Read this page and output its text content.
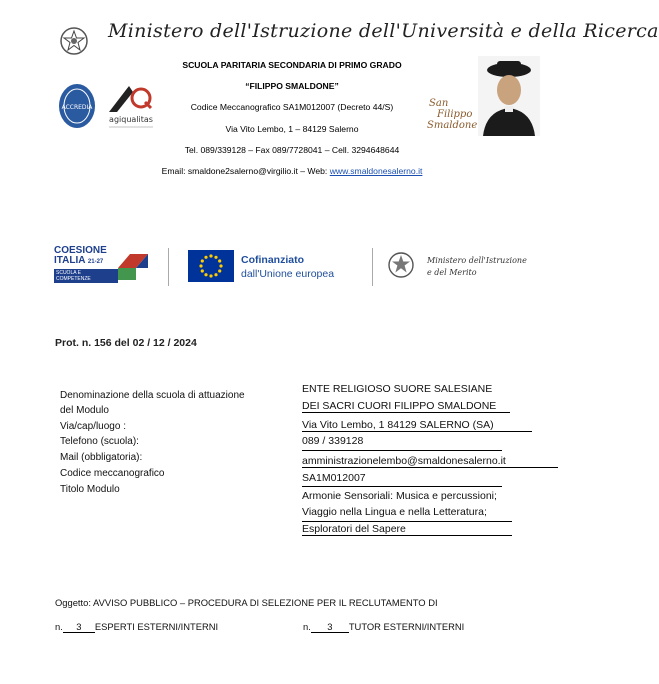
Ministero dell'Istruzione dell'Università e della Ricerca
ACCREDIA
agiqualitas
SCUOLA PARITARIA SECONDARIA DI PRIMO GRADO
“FILIPPO SMALDONE”
Codice Meccanografico SA1M012007 (Decreto 44/S)
Via Vito Lembo, 1 – 84129 Salerno
Tel. 089/339128 – Fax 089/7728041 – Cell. 3294648644
Email: smaldone2salerno@virgilio.it – Web: www.smaldonesalerno.it
San
Filippo
Smaldone
COESIONE
ITALIA 21-27
SCUOLA E
COMPETENZE
Cofinanziato
dall'Unione europea
Ministero dell'Istruzione
e del Merito
Prot. n. 156 del 02 / 12 / 2024
Denominazione della scuola di attuazione
del Modulo
Via/cap/luogo :
Telefono (scuola):
Mail (obbligatoria):
Codice meccanografico
Titolo Modulo
ENTE RELIGIOSO SUORE SALESIANE
DEI SACRI CUORI FILIPPO SMALDONE
Via Vito Lembo, 1 84129 SALERNO (SA)
089 / 339128
amministrazionelembo@smaldonesalerno.it
SA1M012007
Armonie Sensoriali: Musica e percussioni;
Viaggio nella Lingua e nella Letteratura;
Esploratori del Sapere
Oggetto: AVVISO PUBBLICO – PROCEDURA DI SELEZIONE PER IL RECLUTAMENTO DI
n. 3 ESPERTI ESTERNI/INTERNI	n. 3 TUTOR ESTERNI/INTERNI
